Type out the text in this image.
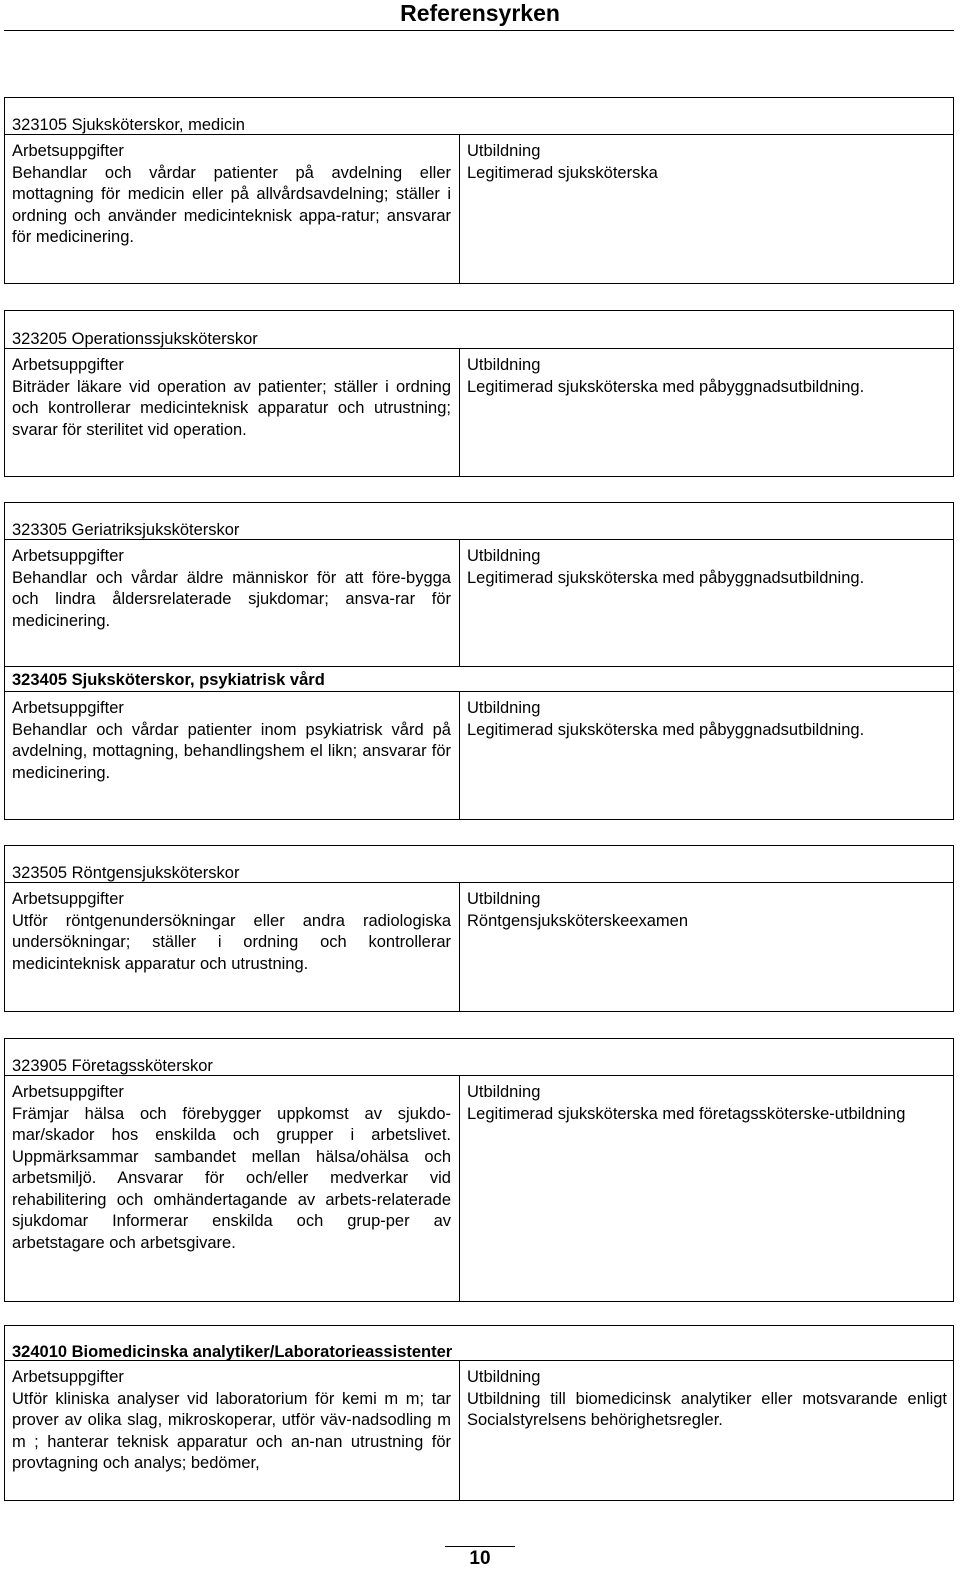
Referensyrken
323105 Sjuksköterskor, medicin
Arbetsuppgifter
Behandlar och vårdar patienter på avdelning eller mottagning för medicin eller på allvårdsavdelning; ställer i ordning och använder medicinteknisk appa-ratur; ansvarar för medicinering.
Utbildning
Legitimerad sjuksköterska
323205 Operationssjuksköterskor
Arbetsuppgifter
Biträder läkare vid operation av patienter; ställer i ordning och kontrollerar medicinteknisk apparatur och utrustning; svarar för sterilitet vid operation.
Utbildning
Legitimerad sjuksköterska med påbyggnadsutbildning.
323305 Geriatriksjuksköterskor
Arbetsuppgifter
Behandlar och vårdar äldre människor för att före-bygga och lindra åldersrelaterade sjukdomar; ansva-rar för medicinering.
Utbildning
Legitimerad sjuksköterska med påbyggnadsutbildning.
323405 Sjuksköterskor, psykiatrisk vård
Arbetsuppgifter
Behandlar och vårdar patienter inom psykiatrisk vård på avdelning, mottagning, behandlingshem el likn; ansvarar för medicinering.
Utbildning
Legitimerad sjuksköterska med påbyggnadsutbildning.
323505 Röntgensjuksköterskor
Arbetsuppgifter
Utför röntgenundersökningar eller andra radiologiska undersökningar; ställer i ordning och kontrollerar medicinteknisk apparatur och utrustning.
Utbildning
Röntgensjuksköterskeexamen
323905 Företagssköterskor
Arbetsuppgifter
Främjar hälsa och förebygger uppkomst av sjukdo-mar/skador hos enskilda och grupper i arbetslivet. Uppmärksammar sambandet mellan hälsa/ohälsa och arbetsmiljö. Ansvarar för och/eller medverkar vid rehabilitering och omhändertagande av arbets-relaterade sjukdomar Informerar enskilda och grup-per av arbetstagare och arbetsgivare.
Utbildning
Legitimerad sjuksköterska med företagssköterske-utbildning
324010 Biomedicinska analytiker/Laboratorieassistenter
Arbetsuppgifter
Utför kliniska analyser vid laboratorium för kemi m m; tar prover av olika slag, mikroskoperar, utför väv-nadsodling m m ; hanterar teknisk apparatur och an-nan utrustning för provtagning och analys; bedömer,
Utbildning
Utbildning till biomedicinsk analytiker eller motsvarande enligt Socialstyrelsens behörighetsregler.
10
